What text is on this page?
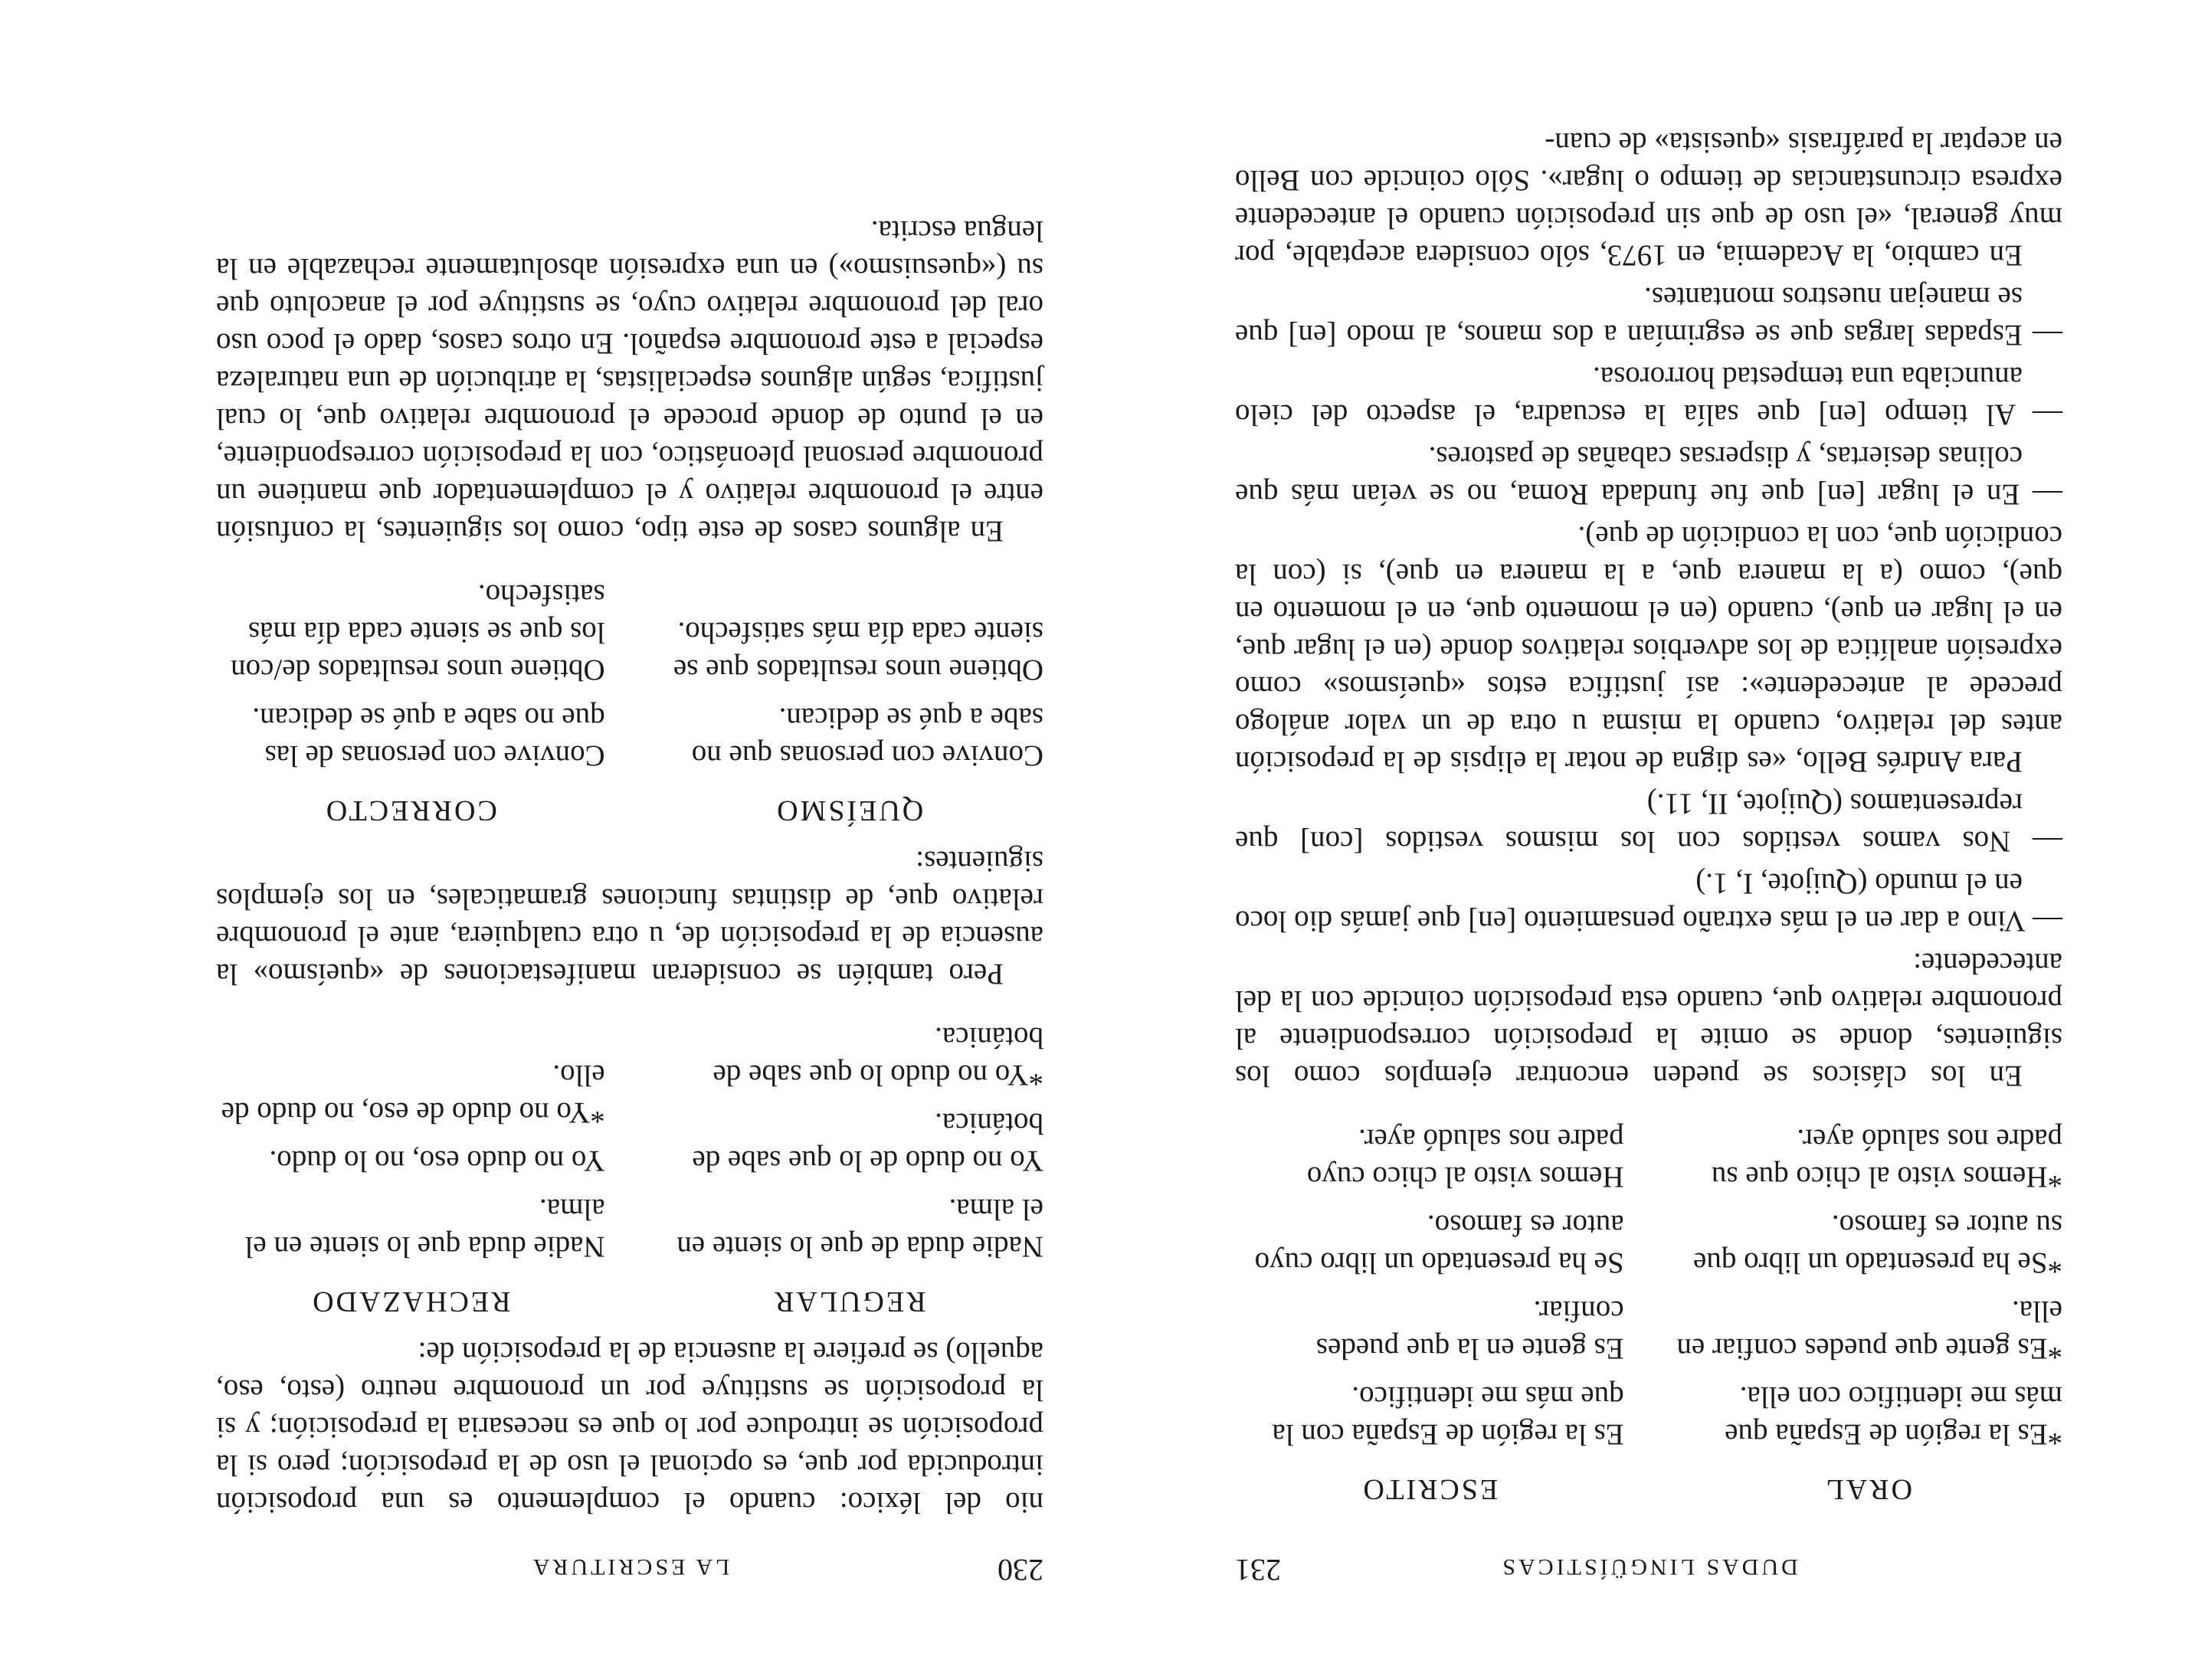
230
LA ESCRITURA

nio del léxico: cuando el complemento es una proposición introducida por que, es opcional el uso de la preposición; pero si la proposición se introduce por lo que es necesaria la preposición; y si la proposición se sustituye por un pronombre neutro (esto, eso, aquello) se prefiere la ausencia de la preposición de:

REGULAR

Nadie duda de que lo siente en el alma.

Yo no dudo de lo que sabe de botánica.

*Yo no dudo lo que sabe de botánica.

RECHAZADO

Nadie duda que lo siente en el alma.

Yo no dudo eso, no lo dudo.

*Yo no dudo de eso, no dudo de ello.

Pero también se consideran manifestaciones de «queísmo» la ausencia de la preposición de, u otra cualquiera, ante el pronombre relativo que, de distintas funciones gramaticales, en los ejemplos siguientes:

QUEÍSMO

Convive con personas que no sabe a qué se dedican.

Obtiene unos resultados que se siente cada día más satisfecho.

CORRECTO

Convive con personas de las que no sabe a qué se dedican.

Obtiene unos resultados de/con los que se siente cada día más satisfecho.

En algunos casos de este tipo, como los siguientes, la confusión entre el pronombre relativo y el complementador que mantiene un pronombre personal pleonástico, con la preposición correspondiente, en el punto de donde procede el pronombre relativo que, lo cual justifica, según algunos especialistas, la atribución de una naturaleza especial a este pronombre español. En otros casos, dado el poco uso oral del pronombre relativo cuyo, se sustituye por el anacoluto que su («quesuismo») en una expresión absolutamente rechazable en la lengua escrita.

DUDAS LINGÜÍSTICAS
231
ORAL

*Es la región de España que más me identifico con ella.

*Es gente que puedes confiar en ella.

*Se ha presentado un libro que su autor es famoso.

*Hemos visto al chico que su padre nos saludó ayer.

ESCRITO

Es la región de España con la que más me identifico.

Es gente en la que puedes confiar.

Se ha presentado un libro cuyo autor es famoso.

Hemos visto al chico cuyo padre nos saludó ayer.

En los clásicos se pueden encontrar ejemplos como los siguientes, donde se omite la preposición correspondiente al pronombre relativo que, cuando esta preposición coincide con la del antecedente:

— Vino a dar en el más extraño pensamiento [en] que jamás dio loco en el mundo (Quijote, I, 1.)

— Nos vamos vestidos con los mismos vestidos [con] que representamos (Quijote, II, 11.)

Para Andrés Bello, «es digna de notar la elipsis de la preposición antes del relativo, cuando la misma u otra de un valor análogo precede al antecedente»: así justifica estos «queísmos» como expresión analítica de los adverbios relativos donde (en el lugar que, en el lugar en que), cuando (en el momento que, en el momento en que), como (a la manera que, a la manera en que), si (con la condición que, con la condición de que).

— En el lugar [en] que fue fundada Roma, no se veían más que colinas desiertas, y dispersas cabañas de pastores.

— Al tiempo [en] que salía la escuadra, el aspecto del cielo anunciaba una tempestad horrorosa.

— Espadas largas que se esgrimían a dos manos, al modo [en] que se manejan nuestros montantes.

En cambio, la Academia, en 1973, sólo considera aceptable, por muy general, «el uso de que sin preposición cuando el antecedente expresa circunstancias de tiempo o lugar». Sólo coincide con Bello en aceptar la paráfrasis «quesista» de cuan-
